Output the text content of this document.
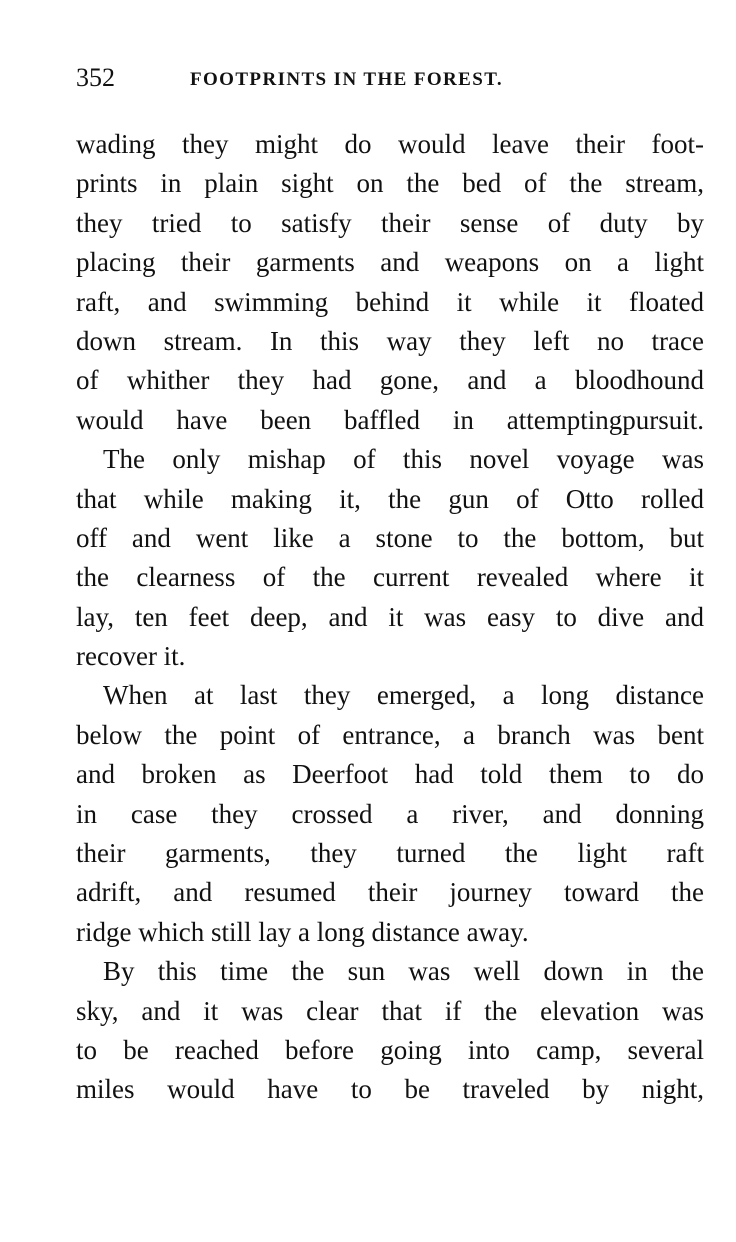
352	FOOTPRINTS IN THE FOREST.
wading they might do would leave their foot-
prints in plain sight on the bed of the stream,
they tried to satisfy their sense of duty by
placing their garments and weapons on a light
raft, and swimming behind it while it floated
down stream. In this way they left no trace
of whither they had gone, and a bloodhound
would have been baffled in attemptingpursuit.
The only mishap of this novel voyage was
that while making it, the gun of Otto rolled
off and went like a stone to the bottom, but
the clearness of the current revealed where it
lay, ten feet deep, and it was easy to dive and
recover it.
When at last they emerged, a long distance
below the point of entrance, a branch was bent
and broken as Deerfoot had told them to do
in case they crossed a river, and donning
their garments, they turned the light raft
adrift, and resumed their journey toward the
ridge which still lay a long distance away.
By this time the sun was well down in the
sky, and it was clear that if the elevation was
to be reached before going into camp, several
miles would have to be traveled by night,
